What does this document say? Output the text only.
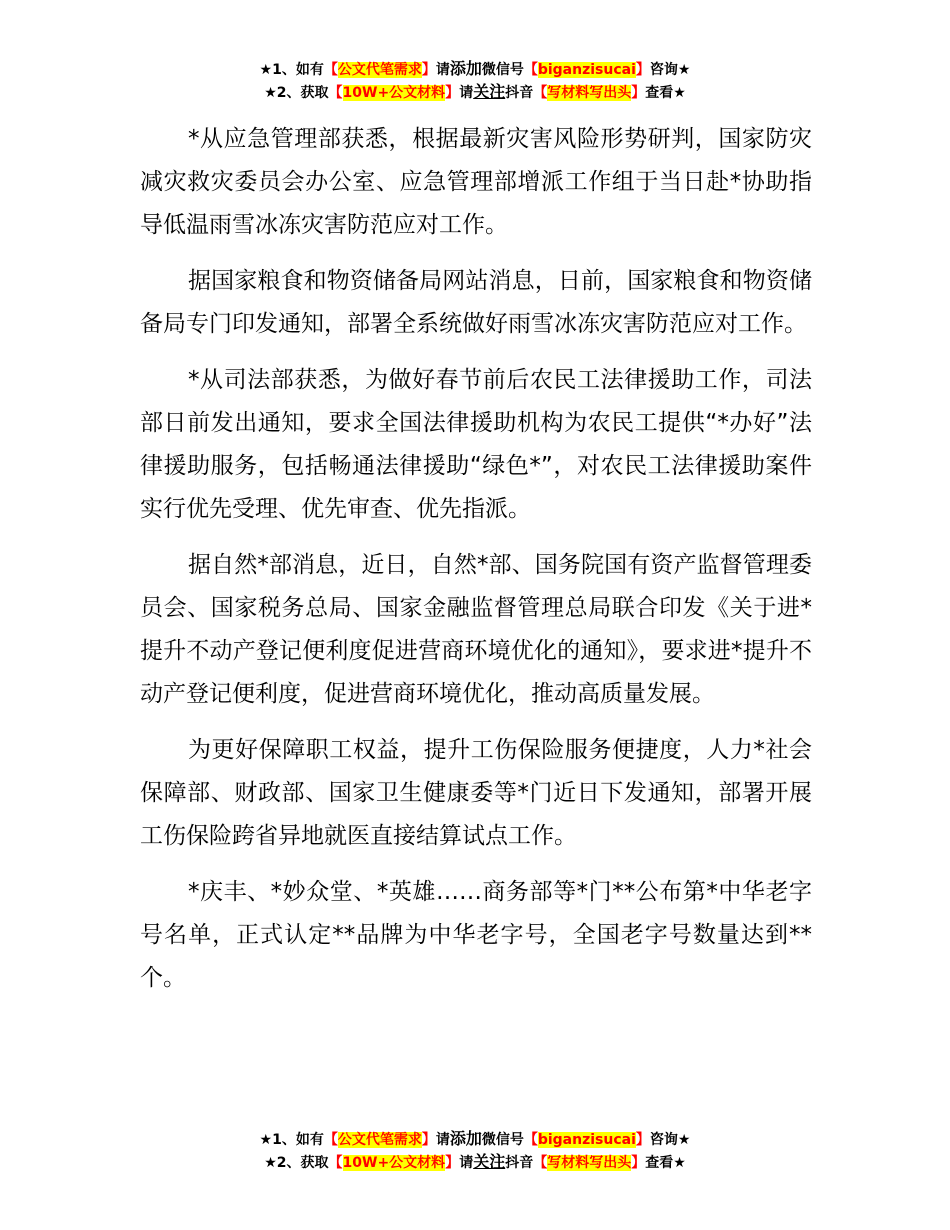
★1、如有【公文代笔需求】请添加微信号【biganzisucai】咨询★
★2、获取【10W+公文材料】请关注抖音【写材料写出头】查看★

*从应急管理部获悉，根据最新灾害风险形势研判，国家防灾减灾救灾委员会办公室、应急管理部增派工作组于当日赴*协助指导低温雨雪冰冻灾害防范应对工作。

据国家粮食和物资储备局网站消息，日前，国家粮食和物资储备局专门印发通知，部署全系统做好雨雪冰冻灾害防范应对工作。

*从司法部获悉，为做好春节前后农民工法律援助工作，司法部日前发出通知，要求全国法律援助机构为农民工提供“*办好”法律援助服务，包括畅通法律援助“绿色*”，对农民工法律援助案件实行优先受理、优先审查、优先指派。

据自然*部消息，近日，自然*部、国务院国有资产监督管理委员会、国家税务总局、国家金融监督管理总局联合印发《关于进*提升不动产登记便利度促进营商环境优化的通知》，要求进*提升不动产登记便利度，促进营商环境优化，推动高质量发展。

为更好保障职工权益，提升工伤保险服务便捷度，人力*社会保障部、财政部、国家卫生健康委等*门近日下发通知，部署开展工伤保险跨省异地就医直接结算试点工作。

*庆丰、*妙众堂、*英雄……商务部等*门**公布第*中华老字号名单，正式认定**品牌为中华老字号，全国老字号数量达到**个。

★1、如有【公文代笔需求】请添加微信号【biganzisucai】咨询★
★2、获取【10W+公文材料】请关注抖音【写材料写出头】查看★
